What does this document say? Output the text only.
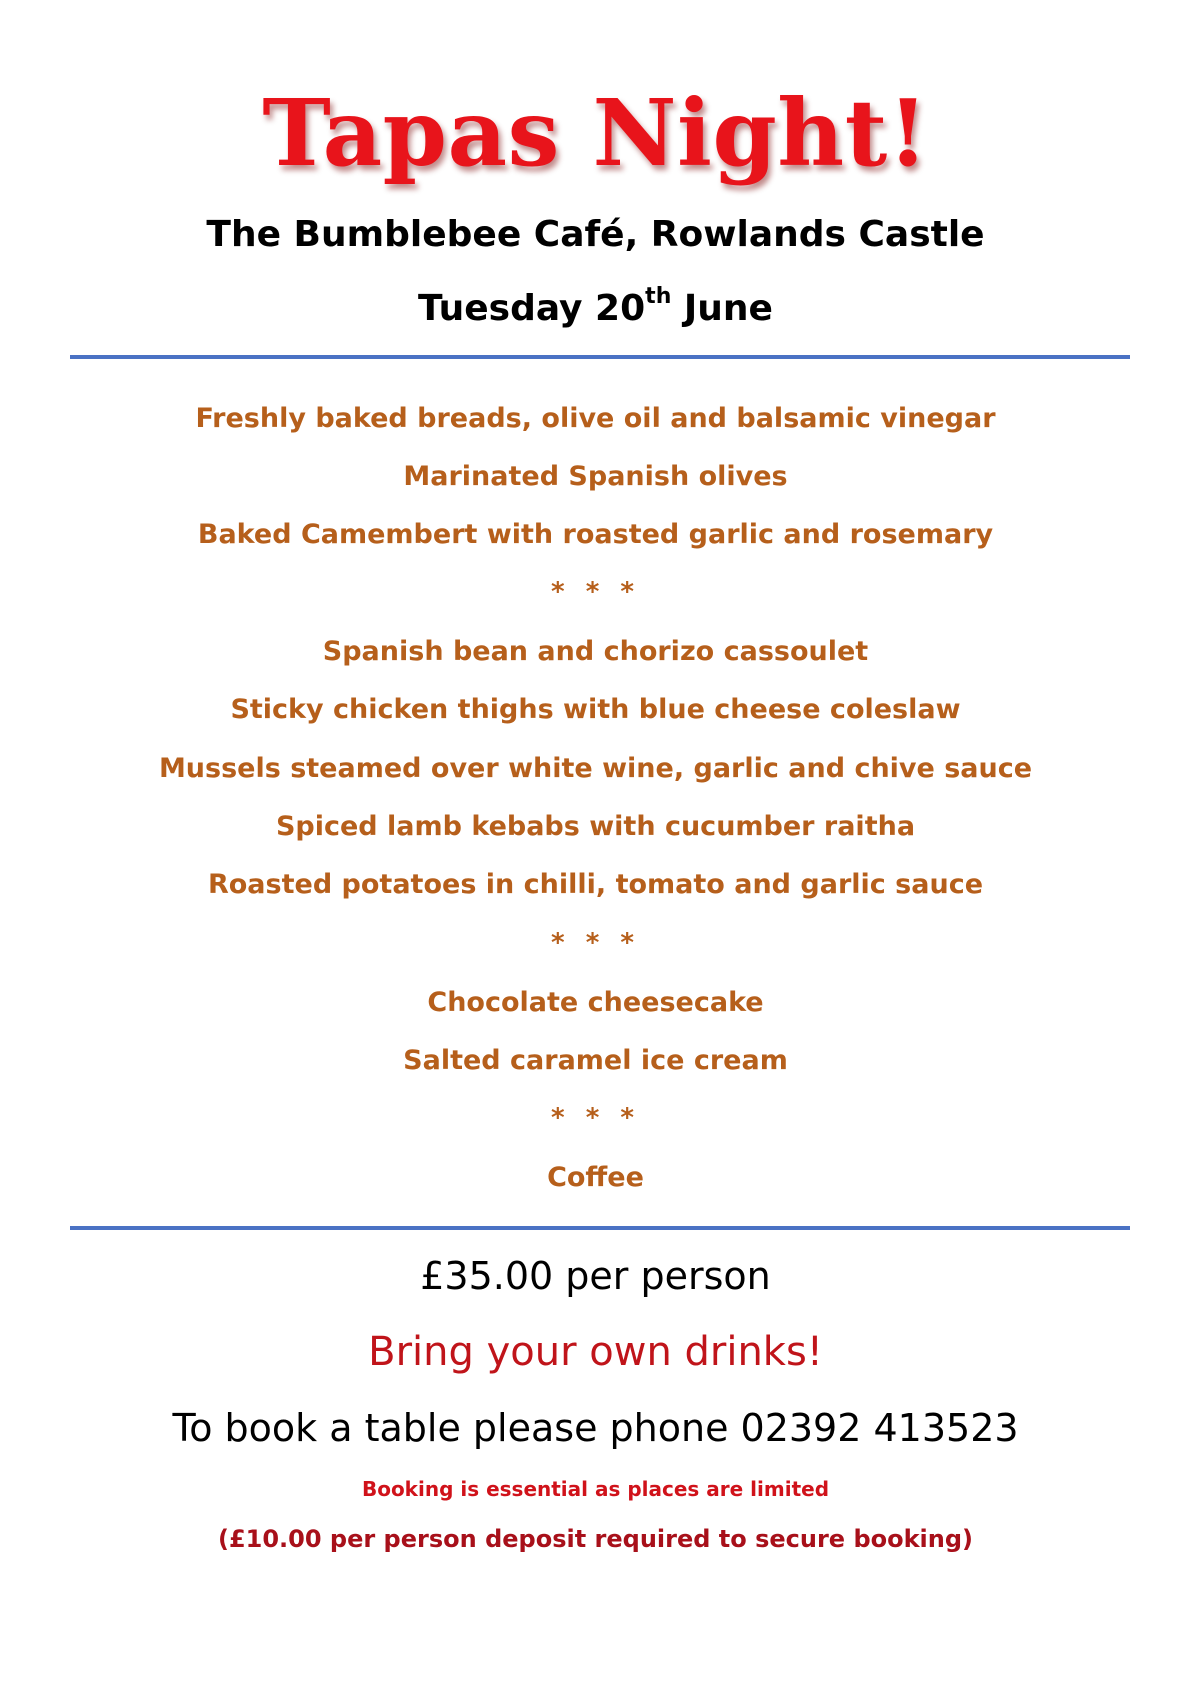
Tapas Night!
The Bumblebee Café, Rowlands Castle
Tuesday 20th June
Freshly baked breads, olive oil and balsamic vinegar
Marinated Spanish olives
Baked Camembert with roasted garlic and rosemary
* * *
Spanish bean and chorizo cassoulet
Sticky chicken thighs with blue cheese coleslaw
Mussels steamed over white wine, garlic and chive sauce
Spiced lamb kebabs with cucumber raitha
Roasted potatoes in chilli, tomato and garlic sauce
* * *
Chocolate cheesecake
Salted caramel ice cream
* * *
Coffee
£35.00 per person
Bring your own drinks!
To book a table please phone 02392 413523
Booking is essential as places are limited
(£10.00 per person deposit required to secure booking)
